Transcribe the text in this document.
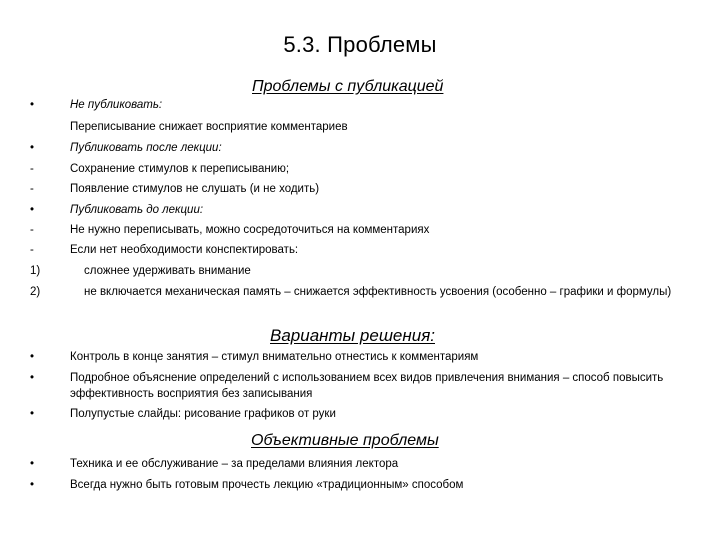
5.3. Проблемы
Проблемы с публикацией
•	Не публиковать:
Переписывание снижает восприятие комментариев
•	Публиковать после лекции:
-	Сохранение стимулов к переписыванию;
-	Появление стимулов не слушать (и не ходить)
•	Публиковать до лекции:
-	Не нужно переписывать, можно сосредоточиться на комментариях
-	Если нет необходимости конспектировать:
1)	сложнее удерживать внимание
2)	не включается механическая память – снижается эффективность усвоения (особенно – графики и формулы)
Варианты решения:
•	Контроль в конце занятия – стимул внимательно отнестись к комментариям
•	Подробное объяснение определений с использованием всех видов привлечения внимания – способ повысить эффективность восприятия без записывания
•	Полупустые слайды: рисование графиков от руки
Объективные проблемы
•	Техника и ее обслуживание – за пределами влияния лектора
•	Всегда нужно быть готовым прочесть лекцию «традиционным» способом
